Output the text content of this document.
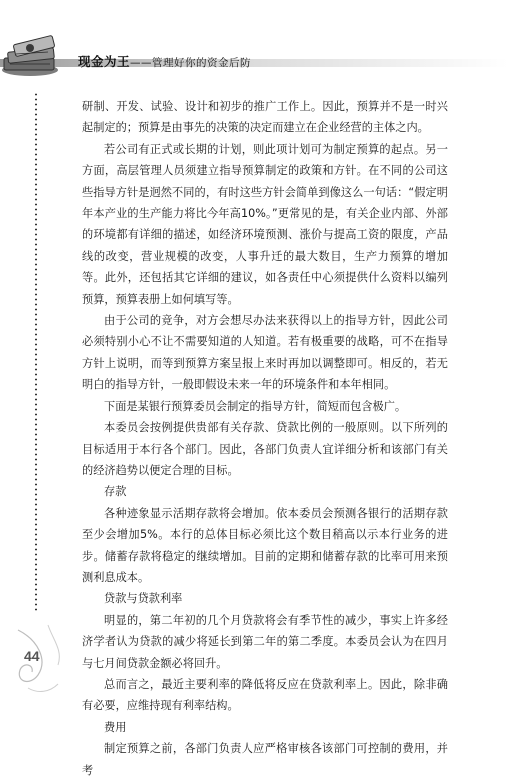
现金为王——管理好你的资金后防

研制、开发、试验、设计和初步的推广工作上。因此，预算并不是一时兴起制定的；预算是由事先的决策的决定而建立在企业经营的主体之内。

若公司有正式或长期的计划，则此项计划可为制定预算的起点。另一方面，高层管理人员须建立指导预算制定的政策和方针。在不同的公司这些指导方针是迥然不同的，有时这些方针会简单到像这么一句话：“假定明年本产业的生产能力将比今年高10%。”更常见的是，有关企业内部、外部的环境都有详细的描述，如经济环境预测、涨价与提高工资的限度，产品线的改变，营业规模的改变，人事升迁的最大数目，生产力预算的增加等。此外，还包括其它详细的建议，如各责任中心须提供什么资料以编列预算，预算表册上如何填写等。

由于公司的竞争，对方会想尽办法来获得以上的指导方针，因此公司必须特别小心不让不需要知道的人知道。若有极重要的战略，可不在指导方针上说明，而等到预算方案呈报上来时再加以调整即可。相反的，若无明白的指导方针，一般即假设未来一年的环境条件和本年相同。

下面是某银行预算委员会制定的指导方针，简短而包含极广。

本委员会按例提供贵部有关存款、贷款比例的一般原则。以下所列的目标适用于本行各个部门。因此，各部门负责人宜详细分析和该部门有关的经济趋势以便定合理的目标。

存款

各种迹象显示活期存款将会增加。依本委员会预测各银行的活期存款至少会增加5%。本行的总体目标必须比这个数目稍高以示本行业务的进步。储蓄存款将稳定的继续增加。目前的定期和储蓄存款的比率可用来预测利息成本。

贷款与贷款利率

明显的，第二年初的几个月贷款将会有季节性的减少，事实上许多经济学者认为贷款的减少将延长到第二年的第二季度。本委员会认为在四月与七月间贷款金额必将回升。

总而言之，最近主要利率的降低将反应在贷款利率上。因此，除非确有必要，应维持现有利率结构。

费用

制定预算之前，各部门负责人应严格审核各该部门可控制的费用，并考

44
